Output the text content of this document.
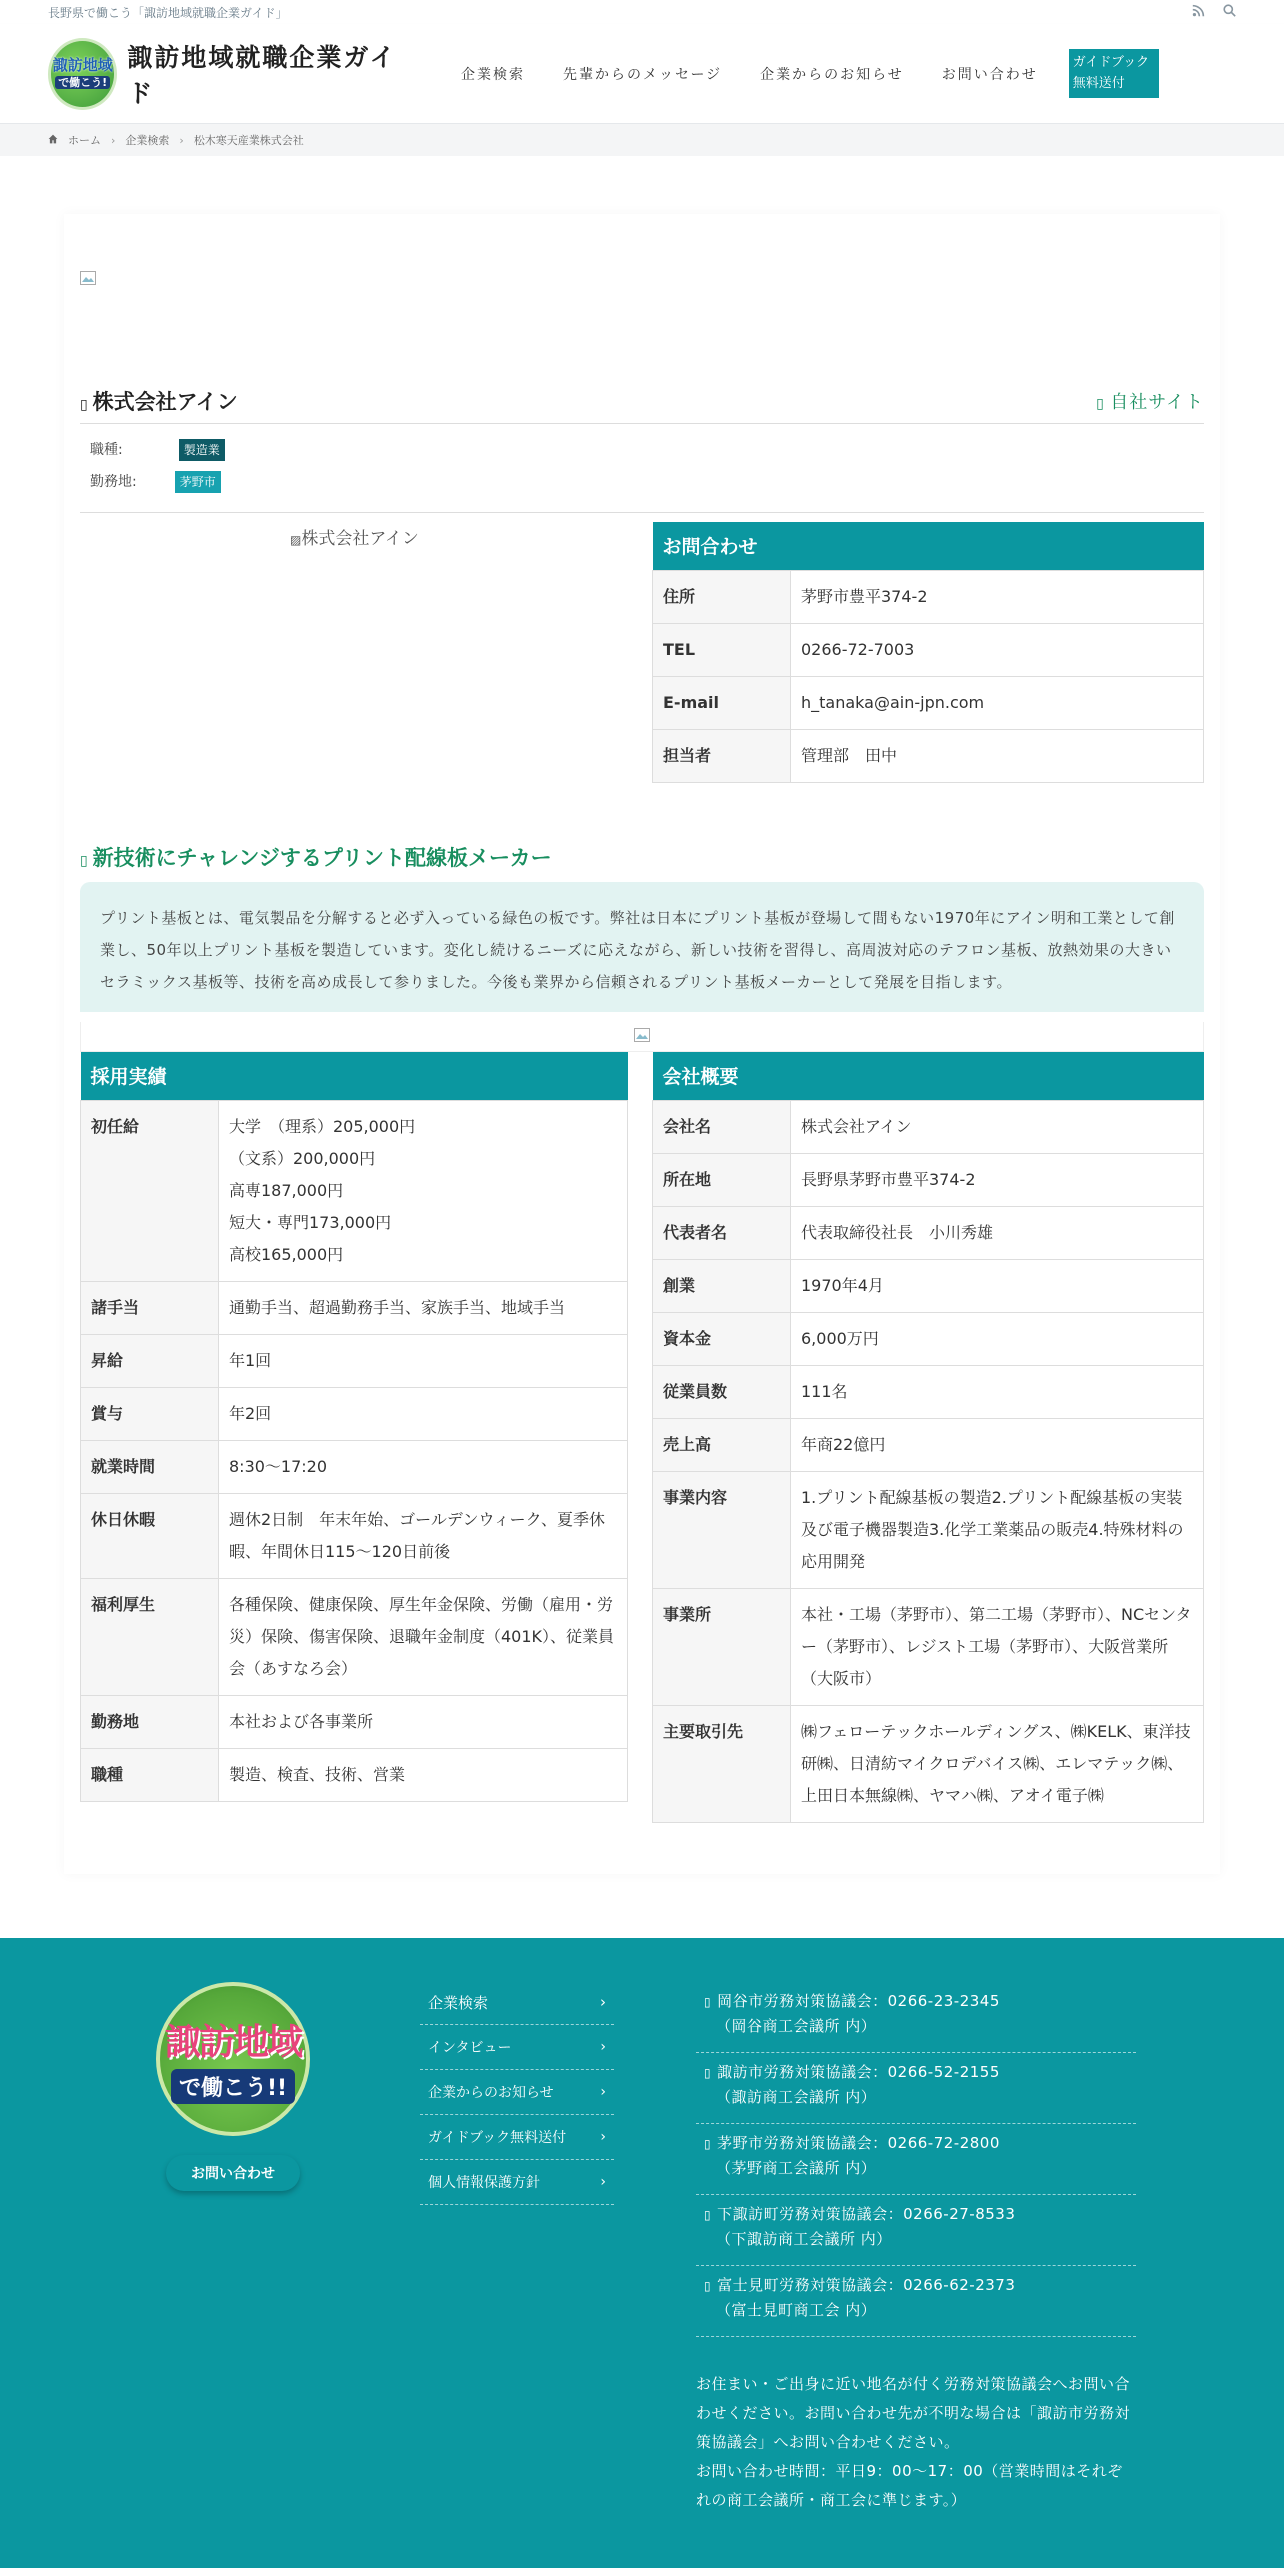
長野県で働こう「諏訪地域就職企業ガイド」
諏訪地域
で働こう!
諏訪地域就職企業ガイド
企業検索	先輩からのメッセージ	企業からのお知らせ	お問い合わせ
ガイドブック無料送付
ホーム › 企業検索 › 松木寒天産業株式会社
▯ 株式会社アイン	▯ 自社サイト
職種:	製造業
勤務地:	茅野市
▨株式会社アイン	お問合わせ	
住所	茅野市豊平374-2
TEL	0266-72-7003
E-mail	h_tanaka@ain-jpn.com
担当者	管理部　田中
▯ 新技術にチャレンジするプリント配線板メーカー
プリント基板とは、電気製品を分解すると必ず入っている緑色の板です。弊社は日本にプリント基板が登場して間もない1970年にアイン明和工業として創業し、50年以上プリント基板を製造しています。変化し続けるニーズに応えながら、新しい技術を習得し、高周波対応のテフロン基板、放熱効果の大きいセラミックス基板等、技術を高め成長して参りました。今後も業界から信頼されるプリント基板メーカーとして発展を目指します。
採用実績	
初任給	大学　（理系）205,000円
（文系）200,000円
高専187,000円
短大・専門173,000円
高校165,000円

諸手当	通勤手当、超過勤務手当、家族手当、地域手当
昇給	年1回
賞与	年2回
就業時間	8:30～17:20
休日休暇	週休2日制　年末年始、ゴールデンウィーク、夏季休暇、年間休日115～120日前後
福利厚生	各種保険、健康保険、厚生年金保険、労働（雇用・労災）保険、傷害保険、退職年金制度（401K）、従業員会（あすなろ会）
勤務地	本社および各事業所
職種	製造、検査、技術、営業
会社概要	
会社名	株式会社アイン
所在地	長野県茅野市豊平374-2
代表者名	代表取締役社長　小川秀雄
創業	1970年4月
資本金	6,000万円
従業員数	111名
売上高	年商22億円
事業内容	1.プリント配線基板の製造2.プリント配線基板の実装及び電子機器製造3.化学工業薬品の販売4.特殊材料の応用開発
事業所	本社・工場（茅野市）、第二工場（茅野市）、NCセンター（茅野市）、レジスト工場（茅野市）、大阪営業所（大阪市）
主要取引先	㈱フェローテックホールディングス、㈱KELK、東洋技研㈱、日清紡マイクロデバイス㈱、エレマテック㈱、上田日本無線㈱、ヤマハ㈱、アオイ電子㈱
諏訪地域
で働こう!!
お問い合わせ
企業検索	›
インタビュー	›
企業からのお知らせ	›
ガイドブック無料送付 ›
個人情報保護方針	›
▯ 岡谷市労務対策協議会：0266-23-2345
（岡谷商工会議所 内）
▯ 諏訪市労務対策協議会：0266-52-2155
（諏訪商工会議所 内）
▯ 茅野市労務対策協議会：0266-72-2800
（茅野商工会議所 内）
▯ 下諏訪町労務対策協議会：0266-27-8533
（下諏訪商工会議所 内）
▯ 富士見町労務対策協議会：0266-62-2373
（富士見町商工会 内）
お住まい・ご出身に近い地名が付く労務対策協議会へお問い合わせください。お問い合わせ先が不明な場合は「諏訪市労務対策協議会」へお問い合わせください。
お問い合わせ時間：平日9：00〜17：00（営業時間はそれぞれの商工会議所・商工会に準じます。）
